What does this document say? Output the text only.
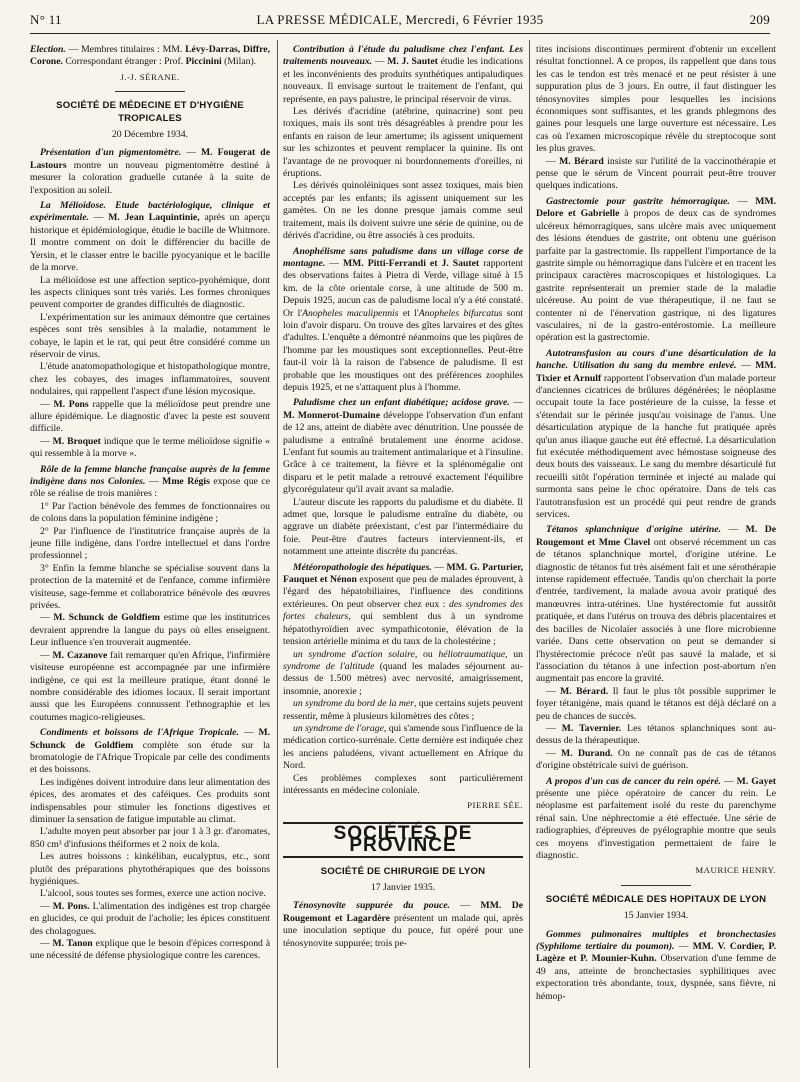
N° 11	LA PRESSE MÉDICALE, Mercredi, 6 Février 1935	209

Election. — Membres titulaires : MM. Lévy-Darras, Diffre, Corone. Correspondant étranger : Prof. Piccinini (Milan).

J.-J. SÉRANE.
SOCIÉTÉ DE MÉDECINE ET D'HYGIÈNE TROPICALES
20 Décembre 1934.

Présentation d'un pigmentomètre. — M. Fougerat de Lastours montre un nouveau pigmentomètre destiné à mesurer la coloration graduelle cutanée à la suite de l'exposition au soleil.

La Mélioïdose. Etude bactériologique, clinique et expérimentale. — M. Jean Laquintinie, après un aperçu historique et épidémiologique, étudie le bacille de Whitmore. Il montre comment on doit le différencier du bacille de Yersin, et le classer entre le bacille pyocyanique et le bacille de la morve.

La mélioïdose est une affection septico-pyohémique, dont les aspects cliniques sont très variés. Les formes chroniques peuvent comporter de grandes difficultés de diagnostic.

L'expérimentation sur les animaux démontre que certaines espèces sont très sensibles à la maladie, notamment le cobaye, le lapin et le rat, qui peut être considéré comme un réservoir de virus.

L'étude anatomopathologique et histopathologique montre, chez les cobayes, des images inflammatoires, souvent nodulaires, qui rappellent l'aspect d'une lésion mycosique.

— M. Pons rappelle que la mélioïdose peut prendre une allure épidémique. Le diagnostic d'avec la peste est souvent difficile.

— M. Broquet indique que le terme mélioïdose signifie « qui ressemble à la morve ».

Rôle de la femme blanche française auprès de la femme indigène dans nos Colonies. — Mme Régis expose que ce rôle se réalise de trois manières :

1° Par l'action bénévole des femmes de fonctionnaires ou de colons dans la population féminine indigène ;

2° Par l'influence de l'institutrice française auprès de la jeune fille indigène, dans l'ordre intellectuel et dans l'ordre professionnel ;

3° Enfin la femme blanche se spécialise souvent dans la protection de la maternité et de l'enfance, comme infirmière visiteuse, sage-femme et collaboratrice bénévole des œuvres privées.

— M. Schunck de Goldfiem estime que les institutrices devraient apprendre la langue du pays où elles enseignent. Leur influence s'en trouverait augmentée.

— M. Cazanove fait remarquer qu'en Afrique, l'infirmière visiteuse européenne est accompagnée par une infirmière indigène, ce qui est la meilleure pratique, étant donné le nombre considérable des idiomes locaux. Il serait important aussi que les Européens connussent l'ethnographie et les coutumes magico-religieuses.

Condiments et boissons de l'Afrique Tropicale. — M. Schunck de Goldfiem complète son étude sur la bromatologie de l'Afrique Tropicale par celle des condiments et des boissons.

Les indigènes doivent introduire dans leur alimentation des épices, des aromates et des caféiques. Ces produits sont indispensables pour stimuler les fonctions digestives et diminuer la sensation de fatigue imputable au climat.

L'adulte moyen peut absorber par jour 1 à 3 gr. d'aromates, 850 cm³ d'infusions théiformes et 2 noix de kola.

Les autres boissons : kinkéliban, eucalyptus, etc., sont plutôt des préparations phytothérapiques que des boissons hygiéniques.

L'alcool, sous toutes ses formes, exerce une action nocive.

— M. Pons. L'alimentation des indigènes est trop chargée en glucides, ce qui produit de l'acholie; les épices constituent des cholagogues.

— M. Tanon explique que le besoin d'épices correspond à une nécessité de défense physiologique contre les carences.

Contribution à l'étude du paludisme chez l'enfant. Les traitements nouveaux. — M. J. Sautet étudie les indications et les inconvénients des produits synthétiques antipaludiques nouveaux. Il envisage surtout le traitement de l'enfant, qui représente, en pays palustre, le principal réservoir de virus.

Les dérivés d'acridine (atébrine, quinacrine) sont peu toxiques, mais ils sont très désagréables à prendre pour les enfants en raison de leur amertume; ils agissent uniquement sur les schizontes et peuvent remplacer la quinine. Ils ont l'avantage de ne provoquer ni bourdonnements d'oreilles, ni éruptions.

Les dérivés quinoléiniques sont assez toxiques, mais bien acceptés par les enfants; ils agissent uniquement sur les gamètes. On ne les donne presque jamais comme seul traitement, mais ils doivent suivre une série de quinine, ou de dérivés d'acridine, ou être associés à ces produits.

Anophélisme sans paludisme dans un village corse de montagne. — MM. Pitti-Ferrandi et J. Sautet rapportent des observations faites à Pietra di Verde, village situé à 15 km. de la côte orientale corse, à une altitude de 500 m. Depuis 1925, aucun cas de paludisme local n'y a été constaté. Or l'Anopheles maculipennis et l'Anopheles bifurcatus sont loin d'avoir disparu. On trouve des gîtes larvaires et des gîtes d'adultes. L'enquête a démontré néanmoins que les piqûres de l'homme par les moustiques sont exceptionnelles. Peut-être faut-il voir là la raison de l'absence de paludisme. Il est probable que les moustiques ont des préférences zoophiles depuis 1925, et ne s'attaquent plus à l'homme.

Paludisme chez un enfant diabétique; acidose grave. — M. Monnerot-Dumaine développe l'observation d'un enfant de 12 ans, atteint de diabète avec dénutrition. Une poussée de paludisme a entraîné brutalement une énorme acidose. L'enfant fut soumis au traitement antimalarique et à l'insuline. Grâce à ce traitement, la fièvre et la splénomégalie ont disparu et le petit malade a retrouvé exactement l'équilibre glycorégulateur qu'il avait avant sa maladie.

L'auteur discute les rapports du paludisme et du diabète. Il admet que, lorsque le paludisme entraîne du diabète, ou aggrave un diabète préexistant, c'est par l'intermédiaire du foie. Peut-être d'autres facteurs interviennent-ils, et notamment une atteinte discrète du pancréas.

Météoropathologie des hépatiques. — MM. G. Parturier, Fauquet et Nénon exposent que peu de malades éprouvent, à l'égard des hépatobiliaires, l'influence des conditions extérieures. On peut observer chez eux : des syndromes des fortes chaleurs, qui semblent dus à un syndrome hépatothyroïdien avec sympathicotonie, élévation de la tension artérielle minima et du taux de la cholestérine ;

un syndrome d'action solaire, ou héliotraumatique, un syndrome de l'altitude (quand les malades séjournent au-dessus de 1.500 mètres) avec nervosité, amaigrissement, insomnie, anorexie ;

un syndrome du bord de la mer, que certains sujets peuvent ressentir, même à plusieurs kilomètres des côtes ;

un syndrome de l'orage, qui s'amende sous l'influence de la médication cortico-surrénale. Cette dernière est indiquée chez les anciens paludéens, vivant actuellement en Afrique du Nord.

Ces problèmes complexes sont particulièrement intéressants en médecine coloniale.

PIERRE SÉE.
SOCIÉTÉS DE PROVINCE
SOCIÉTÉ DE CHIRURGIE DE LYON
17 Janvier 1935.

Ténosynovite suppurée du pouce. — MM. De Rougemont et Lagardère présentent un malade qui, après une inoculation septique du pouce, fut opéré pour une ténosynovite suppurée; trois pe-

tites incisions discontinues permirent d'obtenir un excellent résultat fonctionnel. A ce propos, ils rappellent que dans tous les cas le tendon est très menacé et ne peut résister à une suppuration plus de 3 jours. En outre, il faut distinguer les ténosynovites simples pour lesquelles les incisions économiques sont suffisantes, et les grands phlegmons des gaines pour lesquels une large ouverture est nécessaire. Les cas où l'examen microscopique révèle du streptocoque sont les plus graves.

— M. Bérard insiste sur l'utilité de la vaccinothérapie et pense que le sérum de Vincent pourrait peut-être trouver quelques indications.

Gastrectomie pour gastrite hémorragique. — MM. Delore et Gabrielle à propos de deux cas de syndromes ulcéreux hémorragiques, sans ulcère mais avec uniquement des lésions étendues de gastrite, ont obtenu une guérison parfaite par la gastrectomie. Ils rappellent l'importance de la gastrite simple ou hémorragique dans l'ulcère et en tracent les principaux caractères macroscopiques et histologiques. La gastrite représenterait un premier stade de la maladie ulcéreuse. Au point de vue thérapeutique, il ne faut se contenter ni de l'énervation gastrique, ni des ligatures vasculaires, ni de la gastro-entérostomie. La meilleure opération est la gastrectomie.

Autotransfusion au cours d'une désarticulation de la hanche. Utilisation du sang du membre enlevé. — MM. Tixier et Arnulf rapportent l'observation d'un malade porteur d'anciennes cicatrices de brûlures dégénérées; le néoplasme occupait toute la face postérieure de la cuisse, la fesse et s'étendait sur le périnée jusqu'au voisinage de l'anus. Une désarticulation atypique de la hanche fut pratiquée après qu'un anus iliaque gauche eut été effectué. La désarticulation fut exécutée méthodiquement avec hémostase soigneuse des deux bouts des vaisseaux. Le sang du membre désarticulé fut recueilli sitôt l'opération terminée et injecté au malade qui surmonta sans peine le choc opératoire. Dans de tels cas l'autotransfusion est un procédé qui peut rendre de grands services.

Tétanos splanchnique d'origine utérine. — M. De Rougemont et Mme Clavel ont observé récemment un cas de tétanos splanchnique mortel, d'origine utérine. Le diagnostic de tétanos fut très aisément fait et une sérothérapie intense rapidement effectuée. Tandis qu'on cherchait la porte d'entrée, tardivement, la malade avoua avoir pratiqué des manœuvres intra-utérines. Une hystérectomie fut aussitôt pratiquée, et dans l'utérus on trouva des débris placentaires et des bacilles de Nicolaïer associés à une flore microbienne variée. Dans cette observation on peut se demander si l'hystérectomie précoce n'eût pas sauvé la malade, et si l'association du tétanos à une infection post-abortum n'en augmentait pas encore la gravité.

— M. Bérard. Il faut le plus tôt possible supprimer le foyer tétanigène, mais quand le tétanos est déjà déclaré on a peu de chances de succès.

— M. Tavernier. Les tétanos splanchniques sont au-dessus de la thérapeutique.

— M. Durand. On ne connaît pas de cas de tétanos d'origine obstétricale suivi de guérison.

A propos d'un cas de cancer du rein opéré. — M. Gayet présente une pièce opératoire de cancer du rein. Le néoplasme est parfaitement isolé du reste du parenchyme rénal sain. Une néphrectomie a été effectuée. Une série de radiographies, d'épreuves de pyélographie montre que seuls ces moyens d'investigation permettaient de faire le diagnostic.

MAURICE HENRY.
SOCIÉTÉ MÉDICALE DES HOPITAUX DE LYON
15 Janvier 1934.

Gommes pulmonaires multiples et bronchectasies (Syphilome tertiaire du poumon). — MM. V. Cordier, P. Lagèze et P. Mounier-Kuhn. Observation d'une femme de 49 ans, atteinte de bronchectasies syphilitiques avec expectoration très abondante, toux, dyspnée, sans fièvre, ni hémop-
